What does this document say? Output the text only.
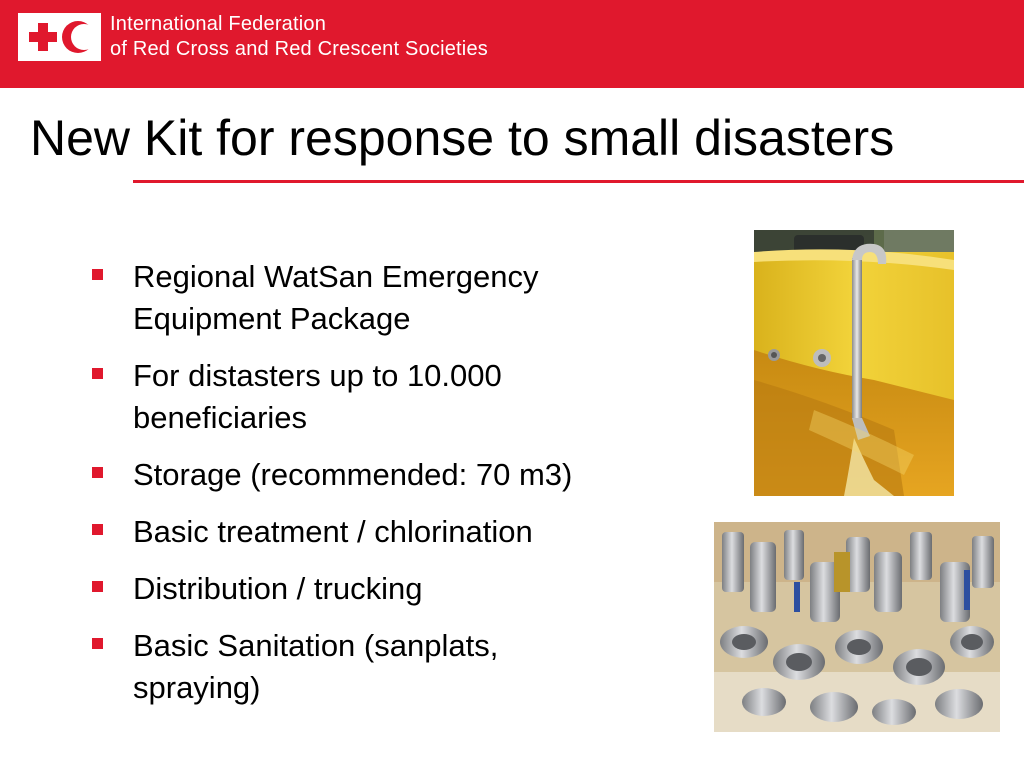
International Federation
of Red Cross and Red Crescent Societies
New Kit for response to small disasters
Regional WatSan Emergency
Equipment Package
For distasters up to 10.000
beneficiaries
Storage (recommended: 70 m3)
Basic treatment / chlorination
Distribution / trucking
Basic Sanitation (sanplats,
spraying)
